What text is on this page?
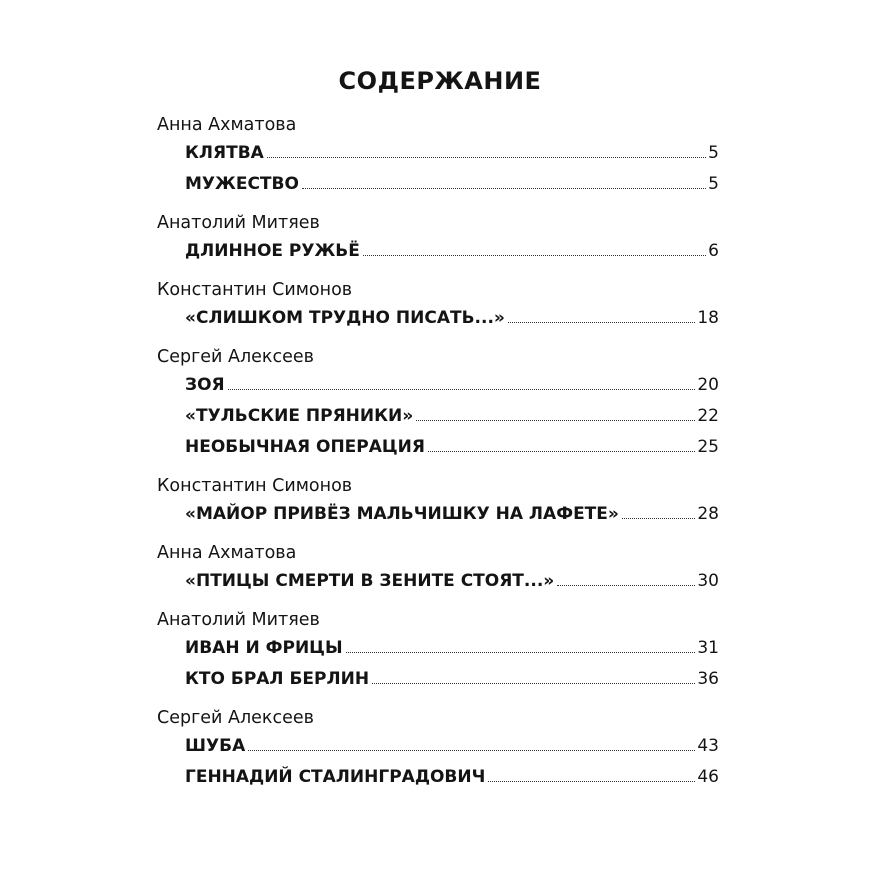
СОДЕРЖАНИЕ
Анна Ахматова
КЛЯТВА	5
МУЖЕСТВО	5
Анатолий Митяев
ДЛИННОЕ РУЖЬЁ	6
Константин Симонов
«СЛИШКОМ ТРУДНО ПИСАТЬ...»	18
Сергей Алексеев
ЗОЯ	20
«ТУЛЬСКИЕ ПРЯНИКИ»	22
НЕОБЫЧНАЯ ОПЕРАЦИЯ	25
Константин Симонов
«МАЙОР ПРИВЁЗ МАЛЬЧИШКУ НА ЛАФЕТЕ»	28
Анна Ахматова
«ПТИЦЫ СМЕРТИ В ЗЕНИТЕ СТОЯТ...»	30
Анатолий Митяев
ИВАН И ФРИЦЫ	31
КТО БРАЛ БЕРЛИН	36
Сергей Алексеев
ШУБА	43
ГЕННАДИЙ СТАЛИНГРАДОВИЧ	46
